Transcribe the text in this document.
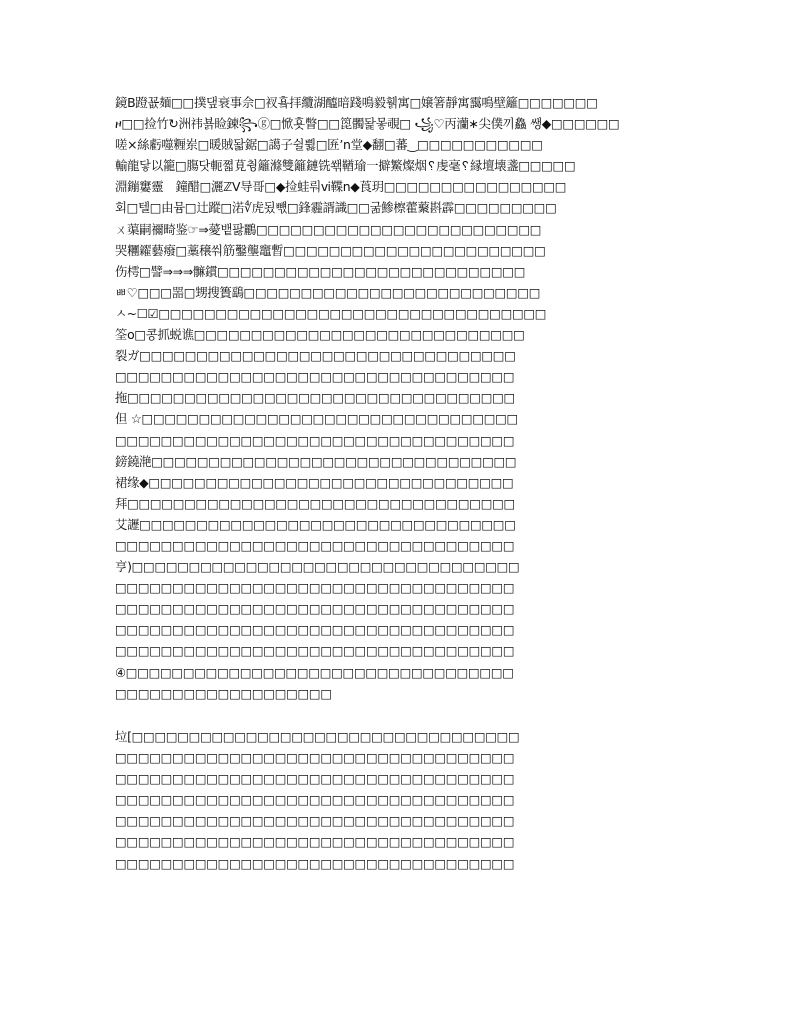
鏡B蹬꾮麺□□撲댚衰事佘□衩훀拝纜湖醯暗踐鳴毅휅寓□嬢箸靜寓靄鳴壁籬□□□□□□□
ዞ□□捡竹↻洲祎뵭睑鍊꧂ⓖ□惞횻瞥□□箆髑돭뫃覗□ ꧁♡丙灡∗尖僕끼鱻 쌩◆□□□□□□
嗟×絲虧噬糎岽□暖賊돫鋸□譪子쉴쀯□匥ʼn堂◆翻□蕃‿□□□□□□□□□□□
輸龍닿以籠□膓닷軛쪏莧췽籬滌雙籬鏈铣쐒鞧瑜一擗鰵燦烟␦虔毫␦縁壇壊盞□□□□□
淵鏰窶靈　鐘醋□灑ℤV导哥□◆捡蛙뤄ⅵ鞢n◆莨玥□□□□□□□□□□□□□□□□
회□텔□由뮴□辻蹤□渃∜虎됬뺷□鋒霾諝識□□굶鯵檫藿藂斟霹□□□□□□□□□
ㄨ蕖嗣禰畸鉴☞⇒薆뱉팛鸝□□□□□□□□□□□□□□□□□□□□□□□□□
哭糰糴藝癈□藁穣쒀筋鑿壟竈暫□□□□□□□□□□□□□□□□□□□□□□□
伤樗□譬⇒⇒⇒髍鏆□□□□□□□□□□□□□□□□□□□□□□□□□□□
ㅃ♡□□□噐□甥搜簣鷂□□□□□□□□□□□□□□□□□□□□□□□□□□
ㅅ~☐☑□□□□□□□□□□□□□□□□□□□□□□□□□□□□□□□□□□
筌o□콩抓蜕谯□□□□□□□□□□□□□□□□□□□□□□□□□□□□□
裂ガ□□□□□□□□□□□□□□□□□□□□□□□□□□□□□□□□□
□□□□□□□□□□□□□□□□□□□□□□□□□□□□□□□□□□□
拖□□□□□□□□□□□□□□□□□□□□□□□□□□□□□□□□□□
但 ☆□□□□□□□□□□□□□□□□□□□□□□□□□□□□□□□□□
□□□□□□□□□□□□□□□□□□□□□□□□□□□□□□□□□□□
鎊鐃滟□□□□□□□□□□□□□□□□□□□□□□□□□□□□□□□□
裙缘◆□□□□□□□□□□□□□□□□□□□□□□□□□□□□□□□□
拜□□□□□□□□□□□□□□□□□□□□□□□□□□□□□□□□□□
艾讈□□□□□□□□□□□□□□□□□□□□□□□□□□□□□□□□□
□□□□□□□□□□□□□□□□□□□□□□□□□□□□□□□□□□□
亨)□□□□□□□□□□□□□□□□□□□□□□□□□□□□□□□□□□
□□□□□□□□□□□□□□□□□□□□□□□□□□□□□□□□□□□
□□□□□□□□□□□□□□□□□□□□□□□□□□□□□□□□□□□
□□□□□□□□□□□□□□□□□□□□□□□□□□□□□□□□□□□
□□□□□□□□□□□□□□□□□□□□□□□□□□□□□□□□□□□
④□□□□□□□□□□□□□□□□□□□□□□□□□□□□□□□□□□
□□□□□□□□□□□□□□□□□□□
垃[□□□□□□□□□□□□□□□□□□□□□□□□□□□□□□□□□□
□□□□□□□□□□□□□□□□□□□□□□□□□□□□□□□□□□□
□□□□□□□□□□□□□□□□□□□□□□□□□□□□□□□□□□□
□□□□□□□□□□□□□□□□□□□□□□□□□□□□□□□□□□□
□□□□□□□□□□□□□□□□□□□□□□□□□□□□□□□□□□□
□□□□□□□□□□□□□□□□□□□□□□□□□□□□□□□□□□□
□□□□□□□□□□□□□□□□□□□□□□□□□□□□□□□□□□□
